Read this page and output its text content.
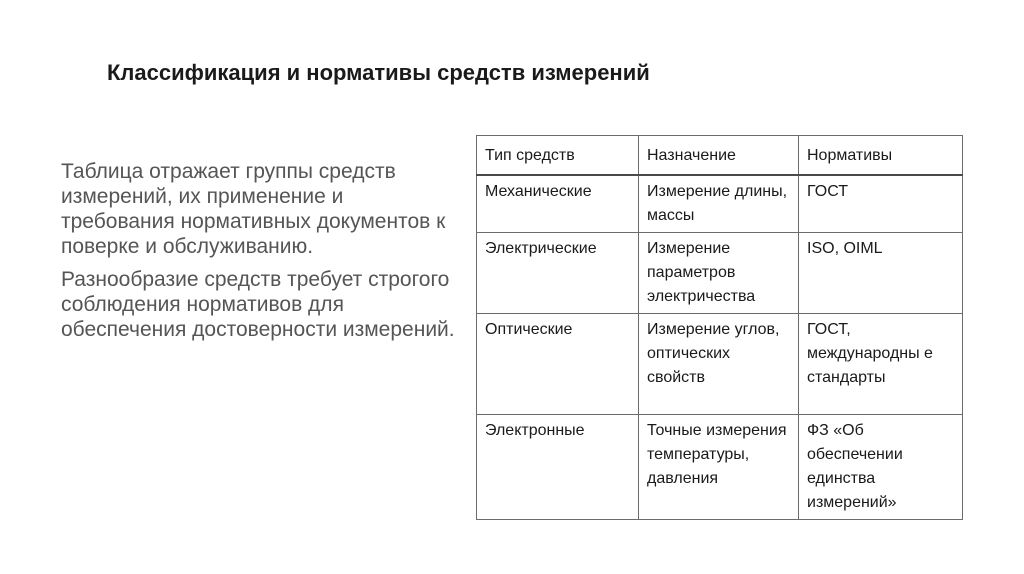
Классификация и нормативы средств измерений

Таблица отражает группы средств измерений, их применение и требования нормативных документов к поверке и обслуживанию.

Разнообразие средств требует строгого соблюдения нормативов для обеспечения достоверности измерений.

Тип средств	Назначение	Нормативы
Механические	Измерение длины, массы	ГОСТ
Электрические	Измерение параметров электричества	ISO, OIML
Оптические	Измерение углов, оптических свойств	ГОСТ, международны е стандарты
Электронные	Точные измерения температуры, давления	ФЗ «Об обеспечении единства измерений»
